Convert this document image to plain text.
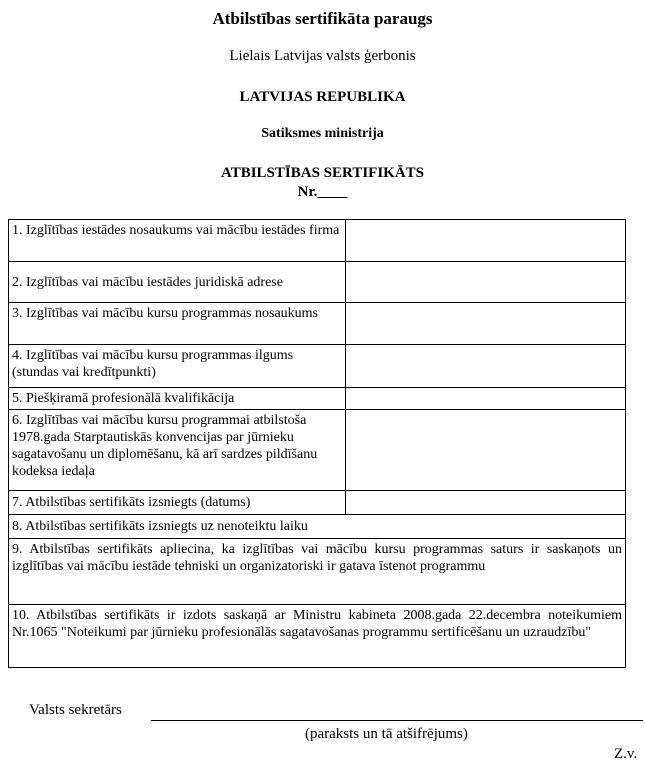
Atbilstības sertifikāta paraugs
Lielais Latvijas valsts ģerbonis
LATVIJAS REPUBLIKA
Satiksmes ministrija
ATBILSTĪBAS SERTIFIKĀTS
Nr.____
1. Izglītības iestādes nosaukums vai mācību iestādes firma	
2. Izglītības vai mācību iestādes juridiskā adrese	
3. Izglītības vai mācību kursu programmas nosaukums	
4. Izglītības vai mācību kursu programmas ilgums (stundas vai kredītpunkti)	
5. Piešķiramā profesionālā kvalifikācija	
6. Izglītības vai mācību kursu programmai atbilstoša 1978.gada Starptautiskās konvencijas par jūrnieku sagatavošanu un diplomēšanu, kā arī sardzes pildīšanu kodeksa iedaļa	
7. Atbilstības sertifikāts izsniegts (datums)	
8. Atbilstības sertifikāts izsniegts uz nenoteiktu laiku	
9. Atbilstības sertifikāts apliecina, ka izglītības vai mācību kursu programmas saturs ir saskaņots un izglītības vai mācību iestāde tehniski un organizatoriski ir gatava īstenot programmu	
10. Atbilstības sertifikāts ir izdots saskaņā ar Ministru kabineta 2008.gada 22.decembra noteikumiem Nr.1065 "Noteikumi par jūrnieku profesionālās sagatavošanas programmu sertificēšanu un uzraudzību"	
Valsts sekretārs
(paraksts un tā atšifrējums)
Z.v.
